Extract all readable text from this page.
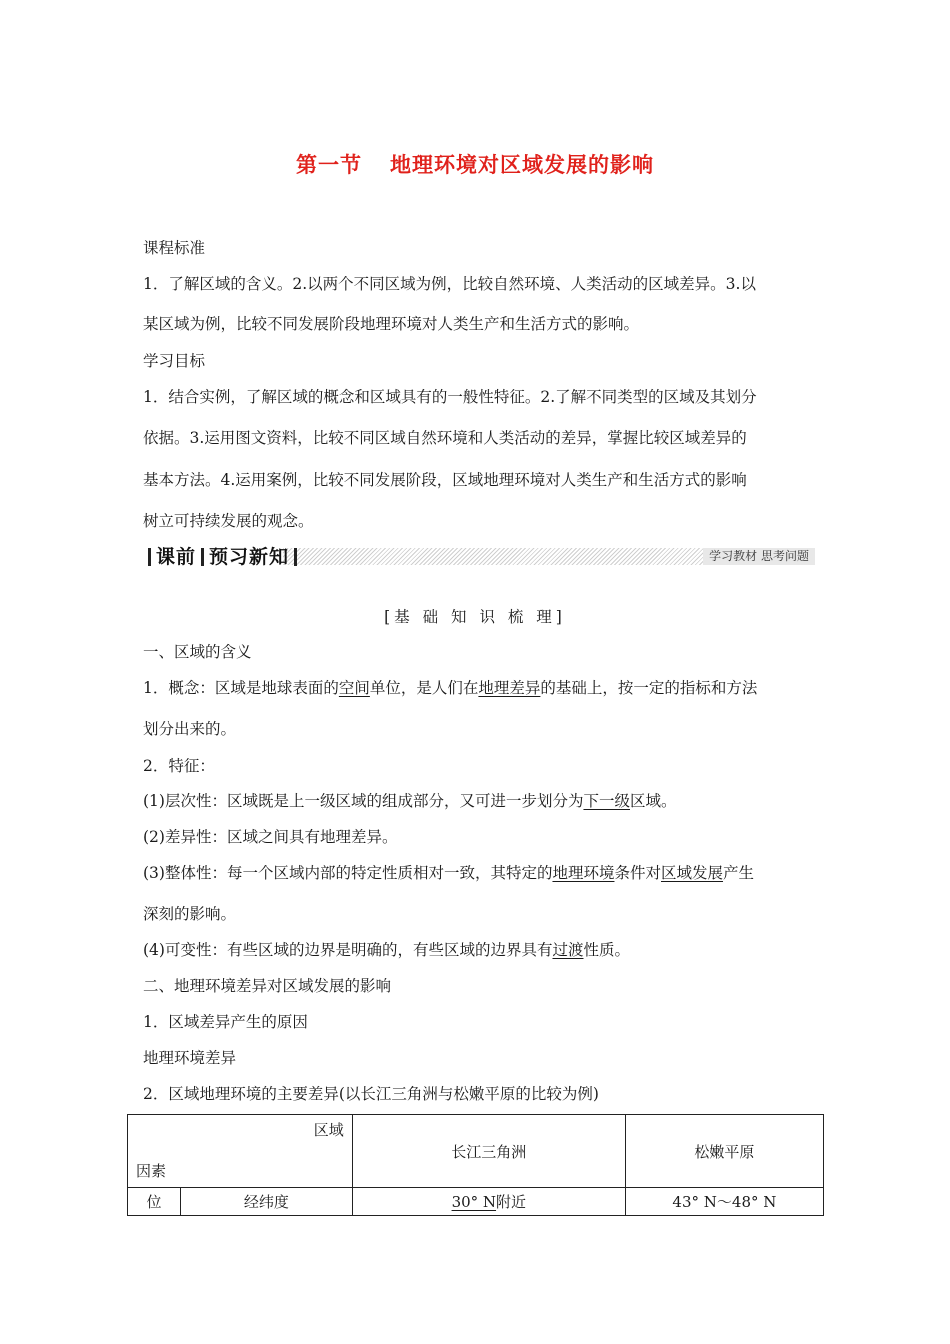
第一节 地理环境对区域发展的影响
课程标准
1．了解区域的含义。2.以两个不同区域为例，比较自然环境、人类活动的区域差异。3.以
某区域为例，比较不同发展阶段地理环境对人类生产和生活方式的影响。
学习目标
1．结合实例，了解区域的概念和区域具有的一般性特征。2.了解不同类型的区域及其划分
依据。3.运用图文资料，比较不同区域自然环境和人类活动的差异，掌握比较区域差异的
基本方法。4.运用案例，比较不同发展阶段，区域地理环境对人类生产和生活方式的影响
树立可持续发展的观念。
课前 预习新知	学习教材 思考问题
[基 础 知 识 梳 理]
一、区域的含义
1．概念：区域是地球表面的空间单位，是人们在地理差异的基础上，按一定的指标和方法
划分出来的。
2．特征：
(1)层次性：区域既是上一级区域的组成部分，又可进一步划分为下一级区域。
(2)差异性：区域之间具有地理差异。
(3)整体性：每一个区域内部的特定性质相对一致，其特定的地理环境条件对区域发展产生
深刻的影响。
(4)可变性：有些区域的边界是明确的，有些区域的边界具有过渡性质。
二、地理环境差异对区域发展的影响
1．区域差异产生的原因
地理环境差异
2．区域地理环境的主要差异(以长江三角洲与松嫩平原的比较为例)
区域
因素		长江三角洲	松嫩平原
位	经纬度	30° N附近	43° N～48° N
